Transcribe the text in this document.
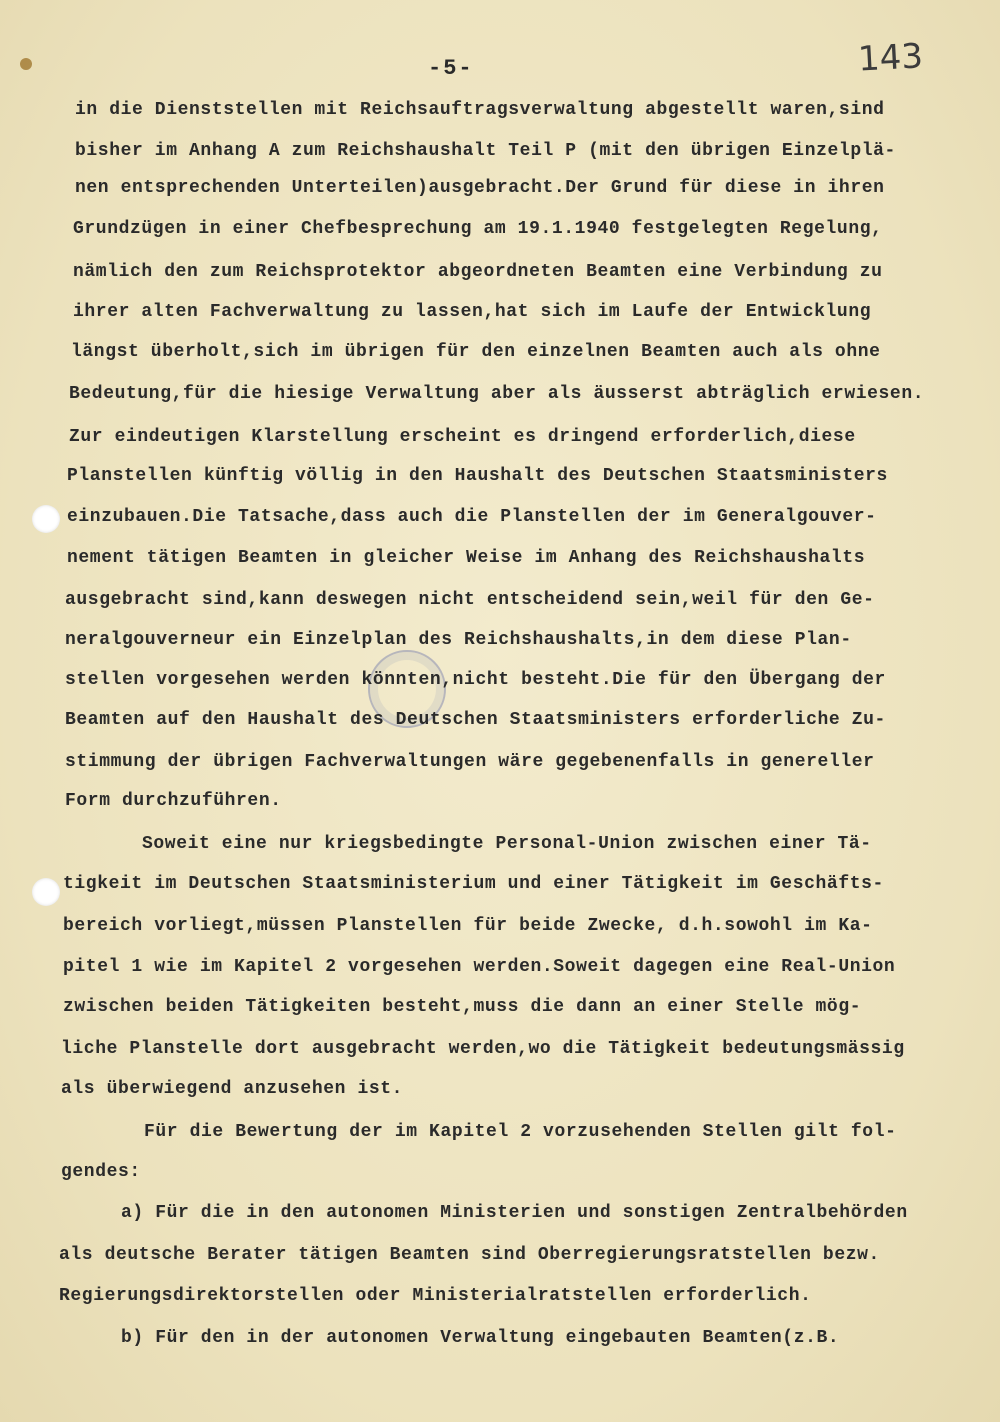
-5-	143
in die Dienststellen mit Reichsauftragsverwaltung abgestellt waren,sind
bisher im Anhang A zum Reichshaushalt Teil P (mit den übrigen Einzelplä-
nen entsprechenden Unterteilen)ausgebracht.Der Grund für diese in ihren
Grundzügen in einer Chefbesprechung am 19.1.1940 festgelegten Regelung,
nämlich den zum Reichsprotektor abgeordneten Beamten eine Verbindung zu
ihrer alten Fachverwaltung zu lassen,hat sich im Laufe der Entwicklung
längst überholt,sich im übrigen für den einzelnen Beamten auch als ohne
Bedeutung,für die hiesige Verwaltung aber als äusserst abträglich erwiesen.
Zur eindeutigen Klarstellung erscheint es dringend erforderlich,diese
Planstellen künftig völlig in den Haushalt des Deutschen Staatsministers
einzubauen.Die Tatsache,dass auch die Planstellen der im Generalgouver-
nement tätigen Beamten in gleicher Weise im Anhang des Reichshaushalts
ausgebracht sind,kann deswegen nicht entscheidend sein,weil für den Ge-
neralgouverneur ein Einzelplan des Reichshaushalts,in dem diese Plan-
stellen vorgesehen werden könnten,nicht besteht.Die für den Übergang der
Beamten auf den Haushalt des Deutschen Staatsministers erforderliche Zu-
stimmung der übrigen Fachverwaltungen wäre gegebenenfalls in genereller
Form durchzuführen.
Soweit eine nur kriegsbedingte Personal-Union zwischen einer Tä-
tigkeit im Deutschen Staatsministerium und einer Tätigkeit im Geschäfts-
bereich vorliegt,müssen Planstellen für beide Zwecke, d.h.sowohl im Ka-
pitel 1 wie im Kapitel 2 vorgesehen werden.Soweit dagegen eine Real-Union
zwischen beiden Tätigkeiten besteht,muss die dann an einer Stelle mög-
liche Planstelle dort ausgebracht werden,wo die Tätigkeit bedeutungsmässig
als überwiegend anzusehen ist.
Für die Bewertung der im Kapitel 2 vorzusehenden Stellen gilt fol-
gendes:
a) Für die in den autonomen Ministerien und sonstigen Zentralbehörden
als deutsche Berater tätigen Beamten sind Oberregierungsratstellen bezw.
Regierungsdirektorstellen oder Ministerialratstellen erforderlich.
b) Für den in der autonomen Verwaltung eingebauten Beamten(z.B.
